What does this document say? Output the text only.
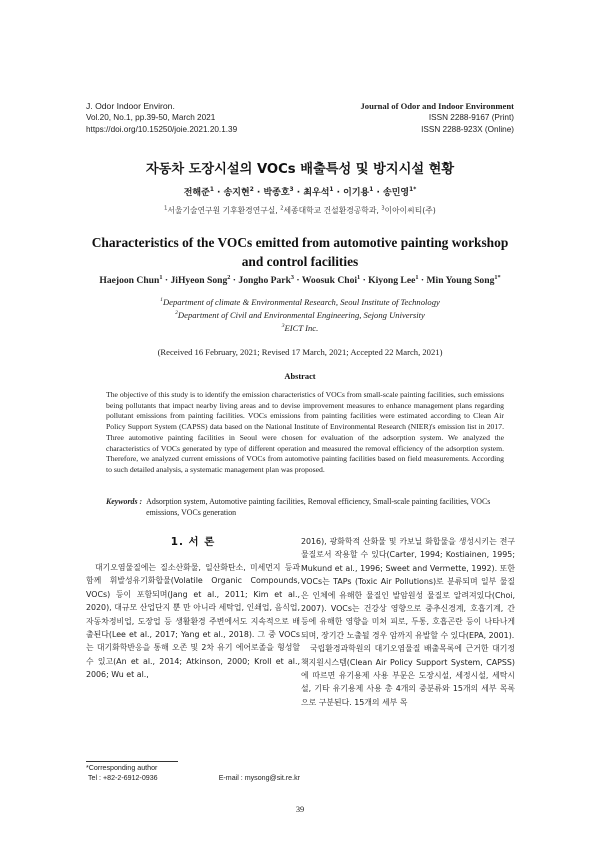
J. Odor Indoor Environ.
Vol.20, No.1, pp.39-50, March 2021
https://doi.org/10.15250/joie.2021.20.1.39
Journal of Odor and Indoor Environment
ISSN 2288-9167 (Print)
ISSN 2288-923X (Online)
자동차 도장시설의 VOCs 배출특성 및 방지시설 현황
전해준$^1$ · 송지현$^2$ · 박종호$^3$ · 최우석$^1$ · 이기용$^1$ · 송민영$^{1*}$
$^1$서울기술연구원 기후환경연구실, $^2$세종대학교 건설환경공학과, $^3$이아이씨티(주)
Characteristics of the VOCs emitted from automotive painting workshop
and control facilities
Haejoon Chun$^1$ · JiHyeon Song$^2$ · Jongho Park$^3$ · Woosuk Choi$^1$ · Kiyong Lee$^1$ · Min Young Song$^{1*}$
$^1$Department of climate & Environmental Research, Seoul Institute of Technology
$^2$Department of Civil and Environmental Engineering, Sejong University
$^3$EICT Inc.
(Received 16 February, 2021; Revised 17 March, 2021; Accepted 22 March, 2021)
Abstract
The objective of this study is to identify the emission characteristics of VOCs from small-scale painting facilities, such emissions being pollutants that impact nearby living areas and to devise improvement measures to enhance management plans regarding pollutant emissions from painting facilities. VOCs emissions from painting facilities were estimated according to Clean Air Policy Support System (CAPSS) data based on the National Institute of Environmental Research (NIER)'s emission list in 2017. Three automotive painting facilities in Seoul were chosen for evaluation of the adsorption system. We analyzed the characteristics of VOCs generated by type of different operation and measured the removal efficiency of the adsorption system. Therefore, we analyzed current emissions of VOCs from automotive painting facilities based on field measurements. According to such detailed analysis, a systematic management plan was proposed.
Keywords : Adsorption system, Automotive painting facilities, Removal efficiency, Small-scale painting facilities, VOCs emissions, VOCs generation
1. 서 론

대기오염물질에는 질소산화물, 일산화탄소, 미세먼지 등과 함께 휘발성유기화합물(Volatile Organic Compounds, VOCs) 등이 포함되며(Jang et al., 2011; Kim et al., 2020), 대규모 산업단지 뿐 만 아니라 세탁업, 인쇄업, 음식업, 자동차정비업, 도장업 등 생활환경 주변에서도 지속적으로 배출된다(Lee et al., 2017; Yang et al., 2018). 그 중 VOCs는 대기화학반응을 통해 오존 및 2차 유기 에어로졸을 형성할 수 있고(An et al., 2014; Atkinson, 2000; Kroll et al., 2006; Wu et al.,

2016), 광화학적 산화물 및 카보닐 화합물을 생성시키는 전구물질로서 작용할 수 있다(Carter, 1994; Kostiainen, 1995; Mukund et al., 1996; Sweet and Vermette, 1992). 또한 VOCs는 TAPs (Toxic Air Pollutions)로 분류되며 일부 물질은 인체에 유해한 물질인 발암원성 물질로 알려져있다(Choi, 2007). VOCs는 건강상 영향으로 중추신경계, 호흡기계, 간 등에 유해한 영향을 미쳐 피로, 두통, 호흡곤란 등이 나타나게 되며, 장기간 노출될 경우 암까지 유발할 수 있다(EPA, 2001).

국립환경과학원의 대기오염물질 배출목록에 근거한 대기정책지원시스템(Clean Air Policy Support System, CAPSS)에 따르면 유기용제 사용 부문은 도장시설, 세정시설, 세탁시설, 기타 유기용제 사용 총 4개의 중분류와 15개의 세부 목록으로 구분된다. 15개의 세부 목

*Corresponding author
Tel : +82-2-6912-0936	E-mail : mysong@sit.re.kr
39
